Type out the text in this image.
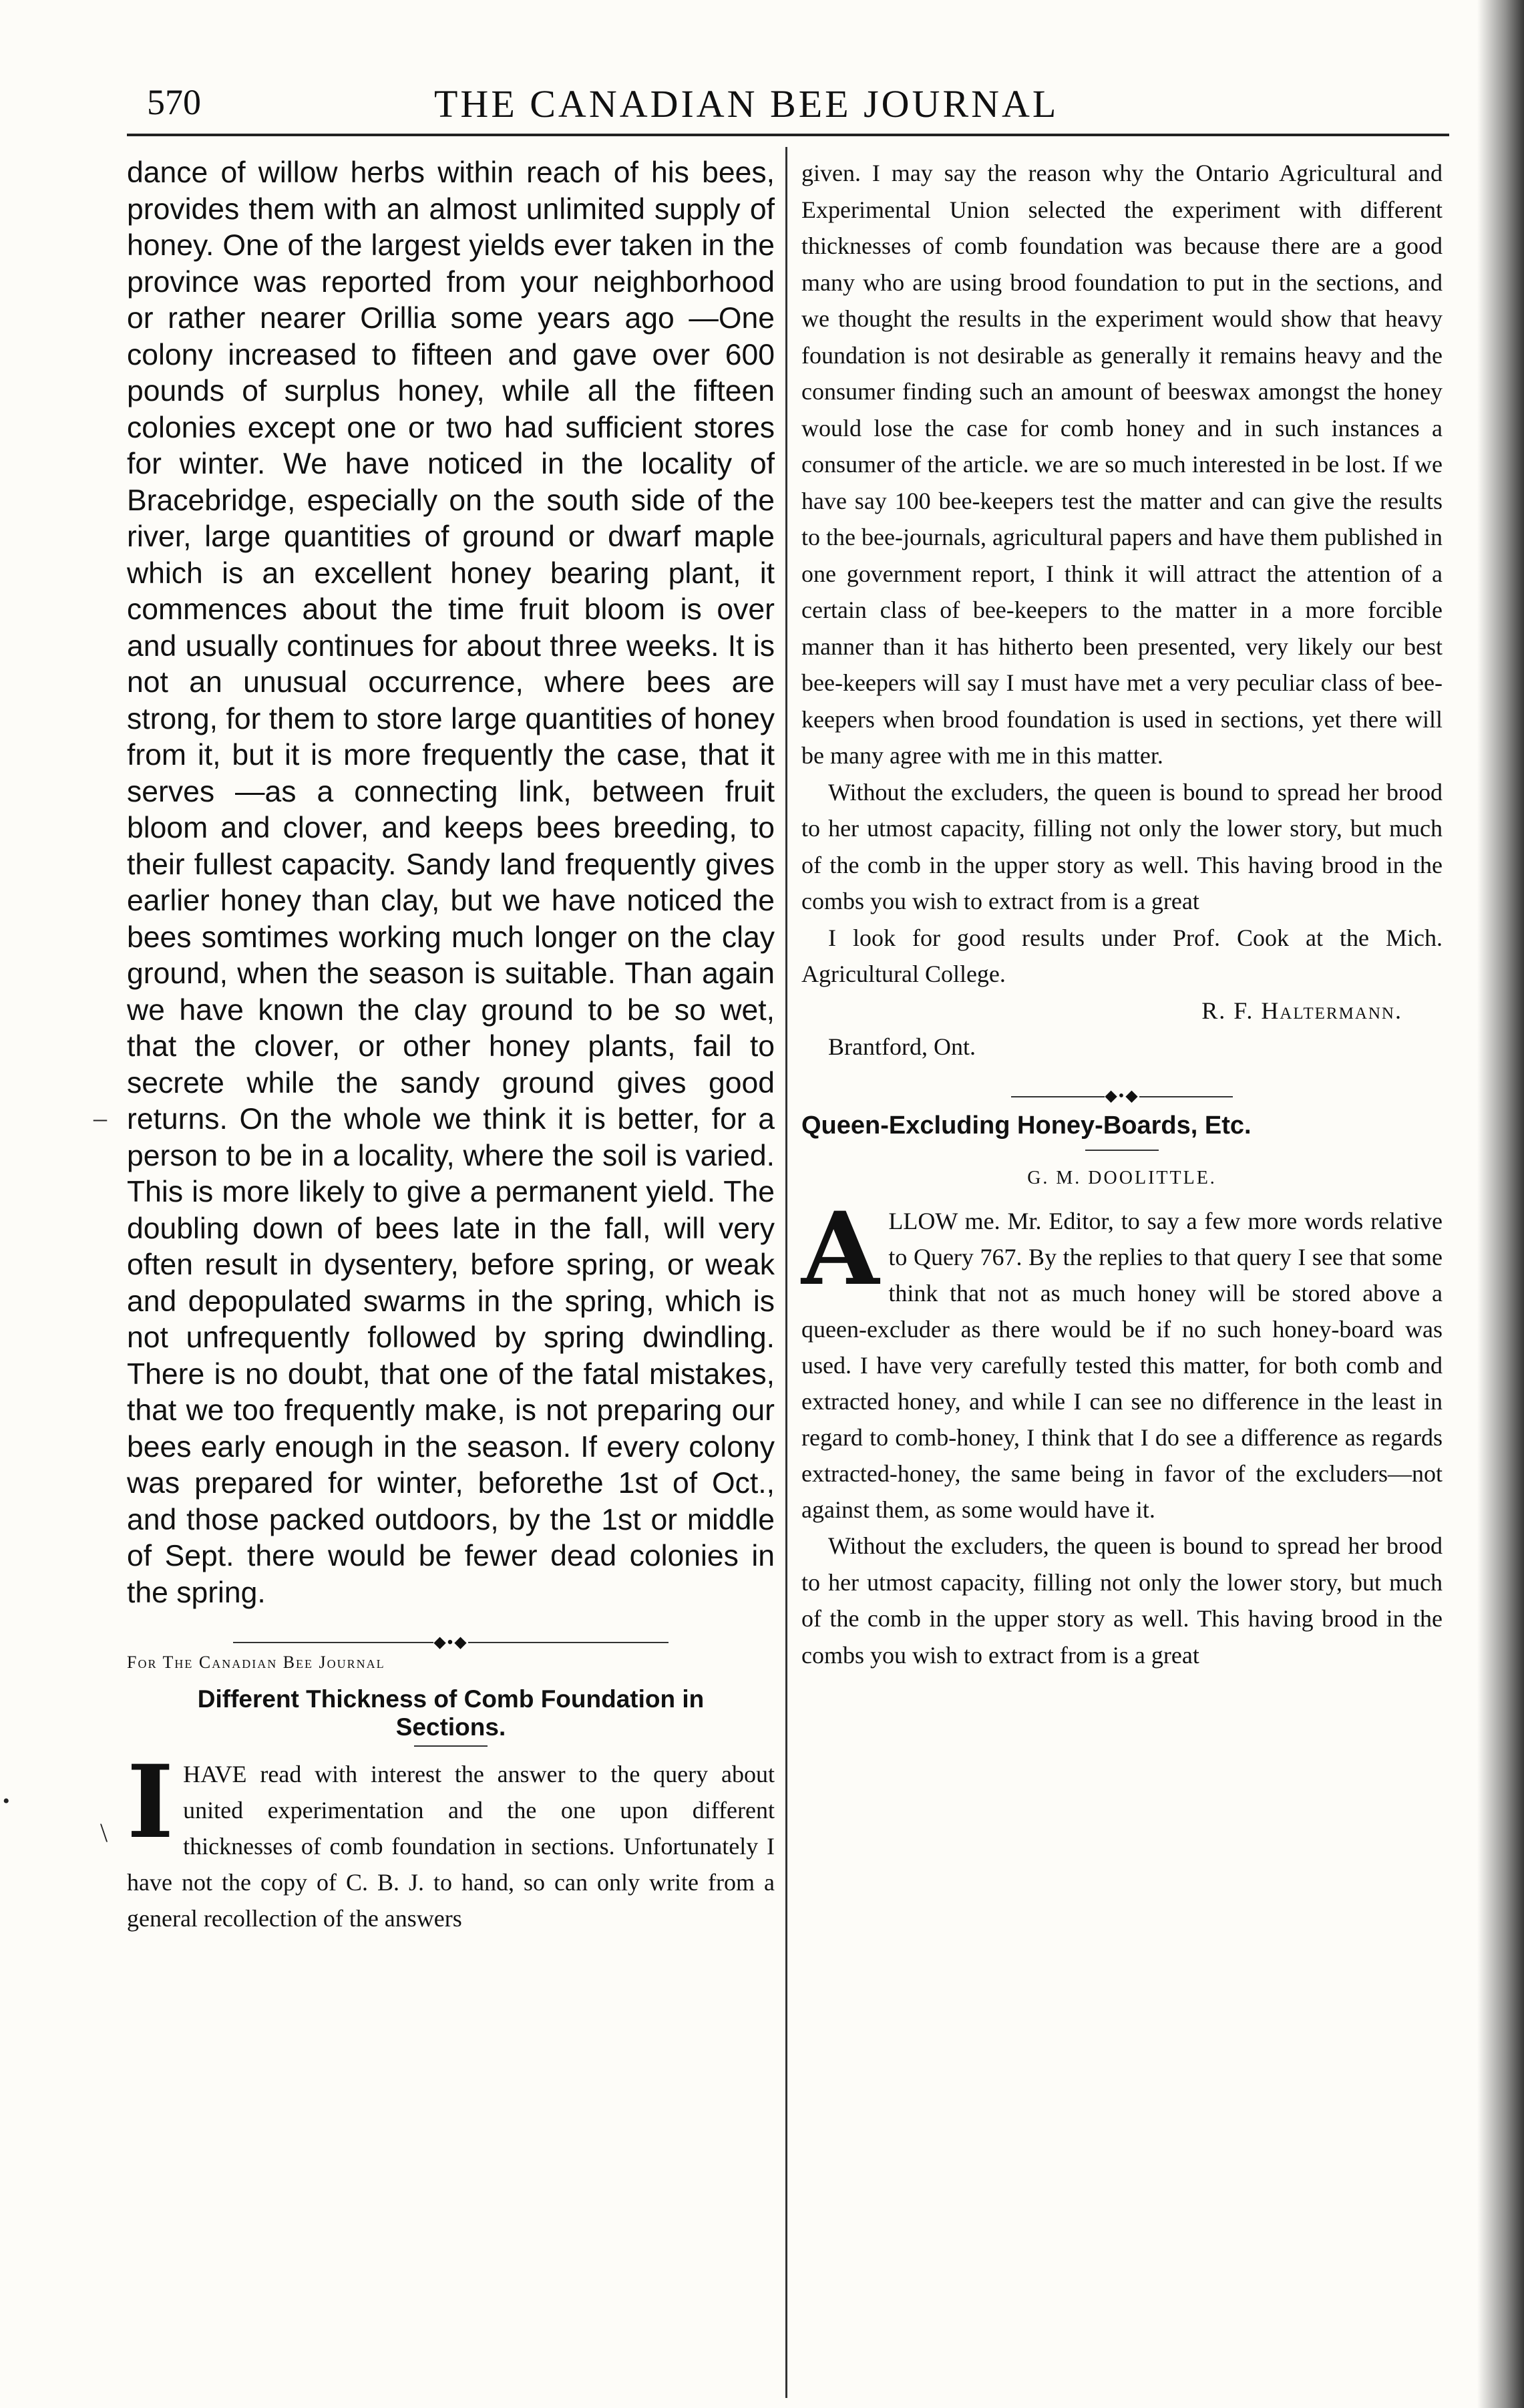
570	THE CANADIAN BEE JOURNAL

dance of willow herbs within reach of his bees, provides them with an almost unlimited supply of honey. One of the largest yields ever taken in the province was reported from your neighborhood or rather nearer Orillia some years ago —One colony increased to fifteen and gave over 600 pounds of surplus honey, while all the fifteen colonies except one or two had sufficient stores for winter. We have noticed in the locality of Bracebridge, especially on the south side of the river, large quantities of ground or dwarf maple which is an excellent honey bearing plant, it commences about the time fruit bloom is over and usually continues for about three weeks. It is not an unusual occurrence, where bees are strong, for them to store large quantities of honey from it, but it is more frequently the case, that it serves —as a connecting link, between fruit bloom and clover, and keeps bees breeding, to their fullest capacity. Sandy land frequently gives earlier honey than clay, but we have noticed the bees somtimes working much longer on the clay ground, when the season is suitable. Than again we have known the clay ground to be so wet, that the clover, or other honey plants, fail to secrete while the sandy ground gives good returns. On the whole we think it is better, for a person to be in a locality, where the soil is varied. This is more likely to give a permanent yield. The doubling down of bees late in the fall, will very often result in dysentery, before spring, or weak and depopulated swarms in the spring, which is not unfrequently followed by spring dwindling. There is no doubt, that one of the fatal mistakes, that we too frequently make, is not preparing our bees early enough in the season. If every colony was prepared for winter, beforethe 1st of Oct., and those packed outdoors, by the 1st or middle of Sept. there would be fewer dead colonies in the spring.

◆•◆
For The Canadian Bee Journal
Different Thickness of Comb Foundation in Sections.

IHAVE read with interest the answer to the query about united experimentation and the one upon different thicknesses of comb foundation in sections. Unfortunately I have not the copy of C. B. J. to hand, so can only write from a general recollection of the answers

given. I may say the reason why the Ontario Agricultural and Experimental Union selected the experiment with different thicknesses of comb foundation was because there are a good many who are using brood foundation to put in the sections, and we thought the results in the experiment would show that heavy foundation is not desirable as generally it remains heavy and the consumer finding such an amount of beeswax amongst the honey would lose the case for comb honey and in such instances a consumer of the article. we are so much interested in be lost. If we have say 100 bee-keepers test the matter and can give the results to the bee-journals, agricultural papers and have them published in one government report, I think it will attract the attention of a certain class of bee-keepers to the matter in a more forcible manner than it has hitherto been presented, very likely our best bee-keepers will say I must have met a very peculiar class of bee-keepers when brood foundation is used in sections, yet there will be many agree with me in this matter.

Without the excluders, the queen is bound to spread her brood to her utmost capacity, filling not only the lower story, but much of the comb in the upper story as well. This having brood in the combs you wish to extract from is a great

I look for good results under Prof. Cook at the Mich. Agricultural College.

R. F. Haltermann.
Brantford, Ont.
◆•◆
Queen-Excluding Honey-Boards, Etc.
G. M. DOOLITTLE.

ALLOW me. Mr. Editor, to say a few more words relative to Query 767. By the replies to that query I see that some think that not as much honey will be stored above a queen-excluder as there would be if no such honey-board was used. I have very carefully tested this matter, for both comb and extracted honey, and while I can see no difference in the least in regard to comb-honey, I think that I do see a difference as regards extracted-honey, the same being in favor of the excluders—not against them, as some would have it.

Without the excluders, the queen is bound to spread her brood to her utmost capacity, filling not only the lower story, but much of the comb in the upper story as well. This having brood in the combs you wish to extract from is a great

–
•
\
